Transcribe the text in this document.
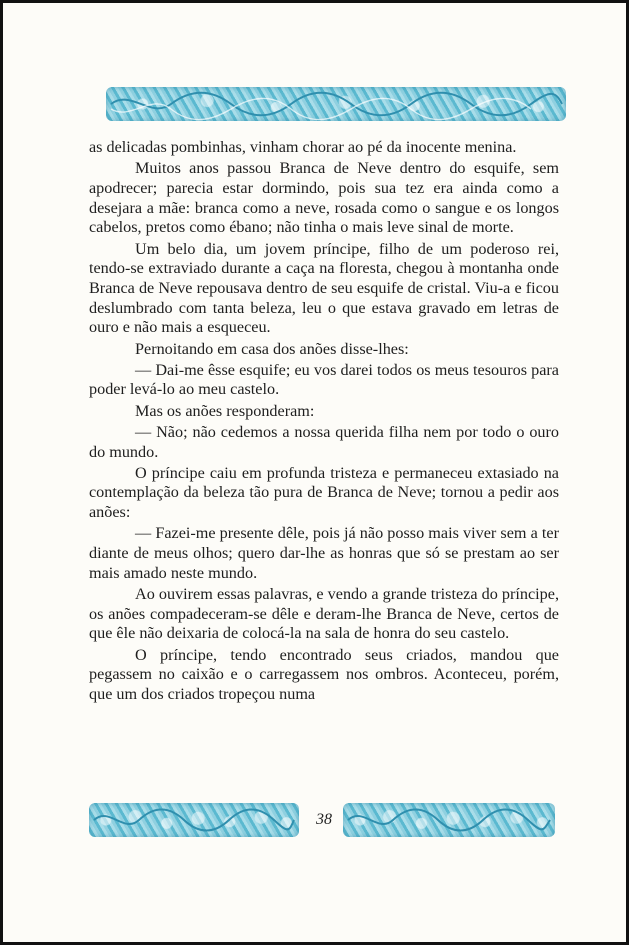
as delicadas pombinhas, vinham chorar ao pé da inocente menina.

Muitos anos passou Branca de Neve dentro do esquife, sem apodrecer; parecia estar dormindo, pois sua tez era ainda como a desejara a mãe: branca como a neve, rosada como o sangue e os longos cabelos, pretos como ébano; não tinha o mais leve sinal de morte.

Um belo dia, um jovem príncipe, filho de um poderoso rei, tendo-se extraviado durante a caça na floresta, chegou à montanha onde Branca de Neve repousava dentro de seu esquife de cristal. Viu-a e ficou deslumbrado com tanta beleza, leu o que estava gravado em letras de ouro e não mais a esqueceu.

Pernoitando em casa dos anões disse-lhes:

— Dai-me êsse esquife; eu vos darei todos os meus tesouros para poder levá-lo ao meu castelo.

Mas os anões responderam:

— Não; não cedemos a nossa querida filha nem por todo o ouro do mundo.

O príncipe caiu em profunda tristeza e permaneceu extasiado na contemplação da beleza tão pura de Branca de Neve; tornou a pedir aos anões:

— Fazei-me presente dêle, pois já não posso mais viver sem a ter diante de meus olhos; quero dar-lhe as honras que só se prestam ao ser mais amado neste mundo.

Ao ouvirem essas palavras, e vendo a grande tristeza do príncipe, os anões compadeceram-se dêle e deram-lhe Branca de Neve, certos de que êle não deixaria de colocá-la na sala de honra do seu castelo.

O príncipe, tendo encontrado seus criados, mandou que pegassem no caixão e o carregassem nos ombros. Aconteceu, porém, que um dos criados tropeçou numa

38
